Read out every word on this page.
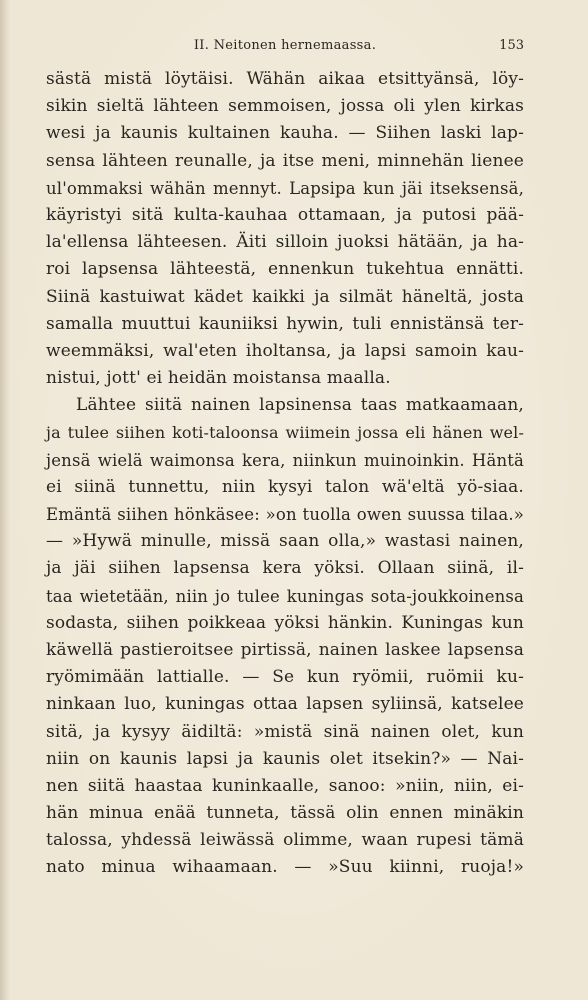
II. Neitonen hernemaassa.	153
sästä mistä löytäisi. Wähän aikaa etsittyänsä, löy-
sikin sieltä lähteen semmoisen, jossa oli ylen kirkas
wesi ja kaunis kultainen kauha. — Siihen laski lap-
sensa lähteen reunalle, ja itse meni, minnehän lienee
ul'ommaksi wähän mennyt. Lapsipa kun jäi itseksensä,
käyristyi sitä kulta-kauhaa ottamaan, ja putosi pää-
la'ellensa lähteesen. Äiti silloin juoksi hätään, ja ha-
roi lapsensa lähteestä, ennenkun tukehtua ennätti.
Siinä kastuiwat kädet kaikki ja silmät häneltä, josta
samalla muuttui kauniiksi hywin, tuli ennistänsä ter-
weemmäksi, wal'eten iholtansa, ja lapsi samoin kau-
nistui, jott' ei heidän moistansa maalla.
Lähtee siitä nainen lapsinensa taas matkaamaan,
ja tulee siihen koti-taloonsa wiimein jossa eli hänen wel-
jensä wielä waimonsa kera, niinkun muinoinkin. Häntä
ei siinä tunnettu, niin kysyi talon wä'eltä yö-siaa.
Emäntä siihen hönkäsee: »on tuolla owen suussa tilaa.»
— »Hywä minulle, missä saan olla,» wastasi nainen,
ja jäi siihen lapsensa kera yöksi. Ollaan siinä, il-
taa wietetään, niin jo tulee kuningas sota-joukkoinensa
sodasta, siihen poikkeaa yöksi hänkin. Kuningas kun
käwellä pastieroitsee pirtissä, nainen laskee lapsensa
ryömimään lattialle. — Se kun ryömii, ruömii ku-
ninkaan luo, kuningas ottaa lapsen syliinsä, katselee
sitä, ja kysyy äidiltä: »mistä sinä nainen olet, kun
niin on kaunis lapsi ja kaunis olet itsekin?» — Nai-
nen siitä haastaa kuninkaalle, sanoo: »niin, niin, ei-
hän minua enää tunneta, tässä olin ennen minäkin
talossa, yhdessä leiwässä olimme, waan rupesi tämä
nato minua wihaamaan. — »Suu kiinni, ruoja!»
